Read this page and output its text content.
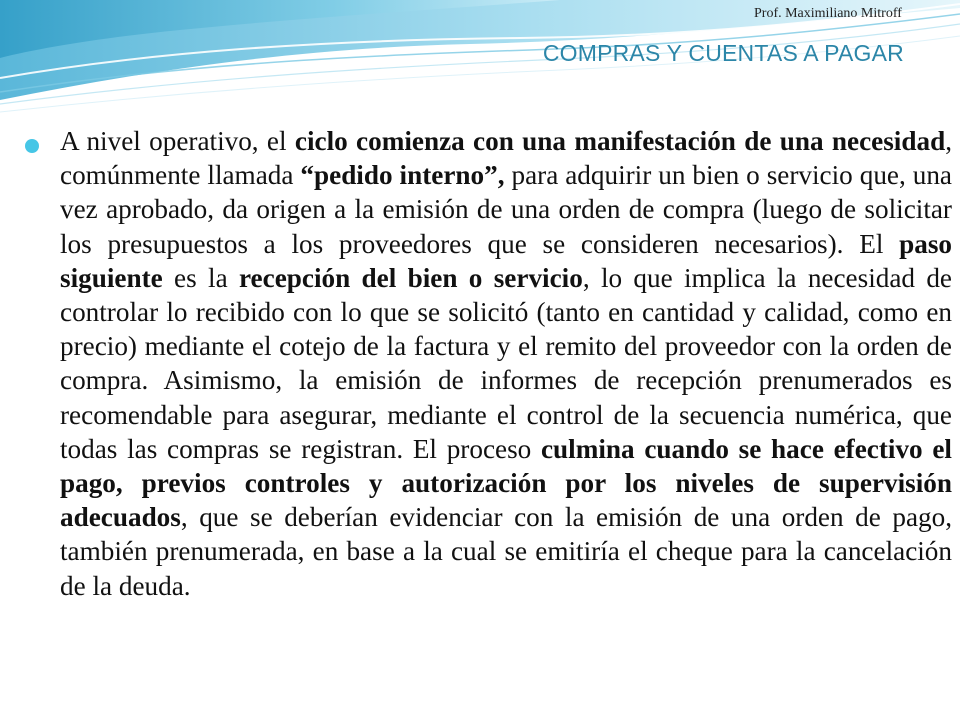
Prof. Maximiliano Mitroff
COMPRAS Y CUENTAS A PAGAR

A nivel operativo, el ciclo comienza con una manifestación de una necesidad, comúnmente llamada “pedido interno”, para adquirir un bien o servicio que, una vez aprobado, da origen a la emisión de una orden de compra (luego de solicitar los presupuestos a los proveedores que se consideren necesarios). El paso siguiente es la recepción del bien o servicio, lo que implica la necesidad de controlar lo recibido con lo que se solicitó (tanto en cantidad y calidad, como en precio) mediante el cotejo de la factura y el remito del proveedor con la orden de compra. Asimismo, la emisión de informes de recepción prenumerados es recomendable para asegurar, mediante el control de la secuencia numérica, que todas las compras se registran. El proceso culmina cuando se hace efectivo el pago, previos controles y autorización por los niveles de supervisión adecuados, que se deberían evidenciar con la emisión de una orden de pago, también prenumerada, en base a la cual se emitiría el cheque para la cancelación de la deuda.
